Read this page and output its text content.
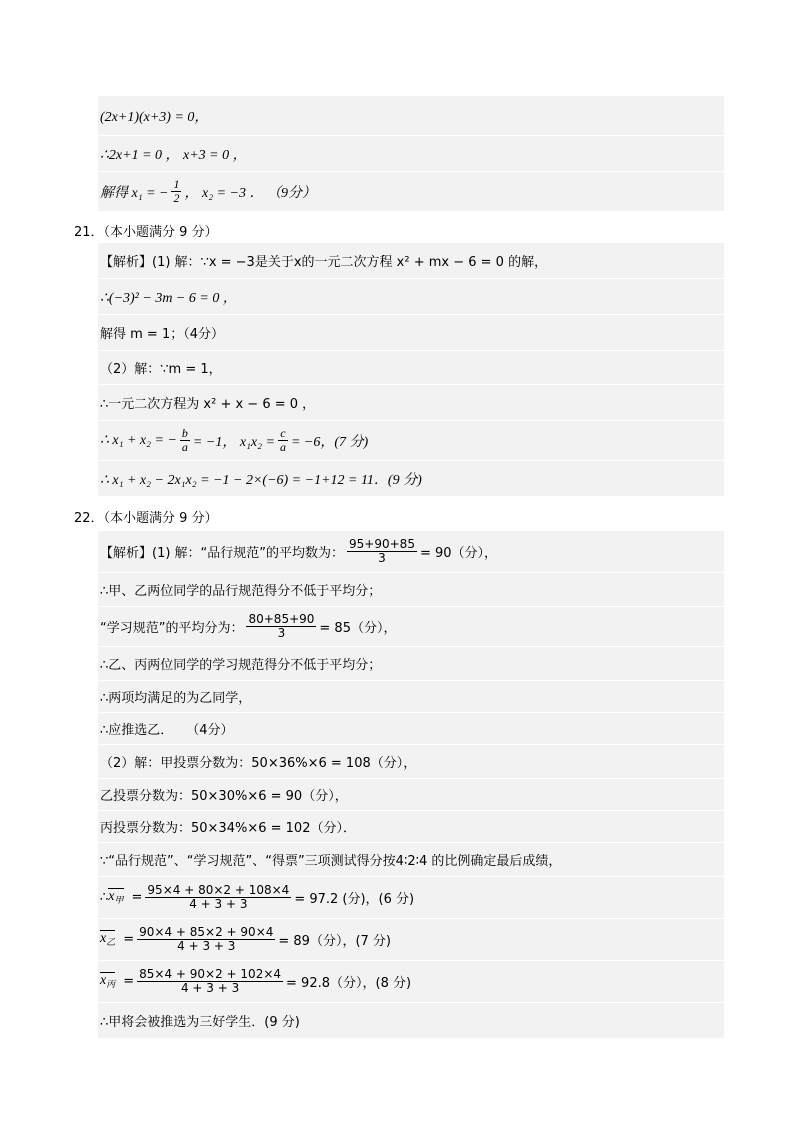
(2x+1)(x+3) = 0，
∴2x+1 = 0 ， x+3 = 0 ，
解得 x₁ = − $\frac{1}{2}$ ， x₂ = −3 ． （9分）
21．（本小题满分 9 分）
【解析】(1) 解：∵x = −3是关于x的一元二次方程 x² + mx − 6 = 0 的解，
∴(−3)² − 3m − 6 = 0 ，
解得 m = 1；（4分）
（2）解：∵m = 1，
∴一元二次方程为 x² + x − 6 = 0 ，
∴ x₁ + x₂ = − $\frac{b}{a} = -1$， $x_1x_2 = \frac{c}{a} = -6$，(7 分)
∴ x₁ + x₂ − 2x₁x₂ = −1 − 2×(−6) = −1+12 = 11．(9 分)
22．（本小题满分 9 分）
【解析】(1) 解：“品行规范”的平均数为： $\frac{95+90+85}{3} = 90$（分），
∴甲、乙两位同学的品行规范得分不低于平均分；
“学习规范”的平均分为： $\frac{80+85+90}{3} = 85$（分），
∴乙、丙两位同学的学习规范得分不低于平均分；
∴两项均满足的为乙同学，
∴应推选乙．　　（4分）
（2）解：甲投票分数为：50×36%×6 = 108（分），
乙投票分数为：50×30%×6 = 90（分），
丙投票分数为：50×34%×6 = 102（分）．
∵“品行规范”、“学习规范”、“得票”三项测试得分按4∶2∶4 的比例确定最后成绩，
∴ $x_甲 = \frac{95\times 4 + 80\times 2 + 108\times 4}{4 + 3 + 3} = 97.2$ (分)，(6 分)
$x_乙 = \frac{90\times 4 + 85\times 2 + 90\times 4}{4 + 3 + 3} = 89$（分），(7 分)
$x_丙 = \frac{85\times 4 + 90\times 2 + 102\times 4}{4 + 3 + 3} = 92.8$（分），(8 分)
∴甲将会被推选为三好学生．(9 分)
